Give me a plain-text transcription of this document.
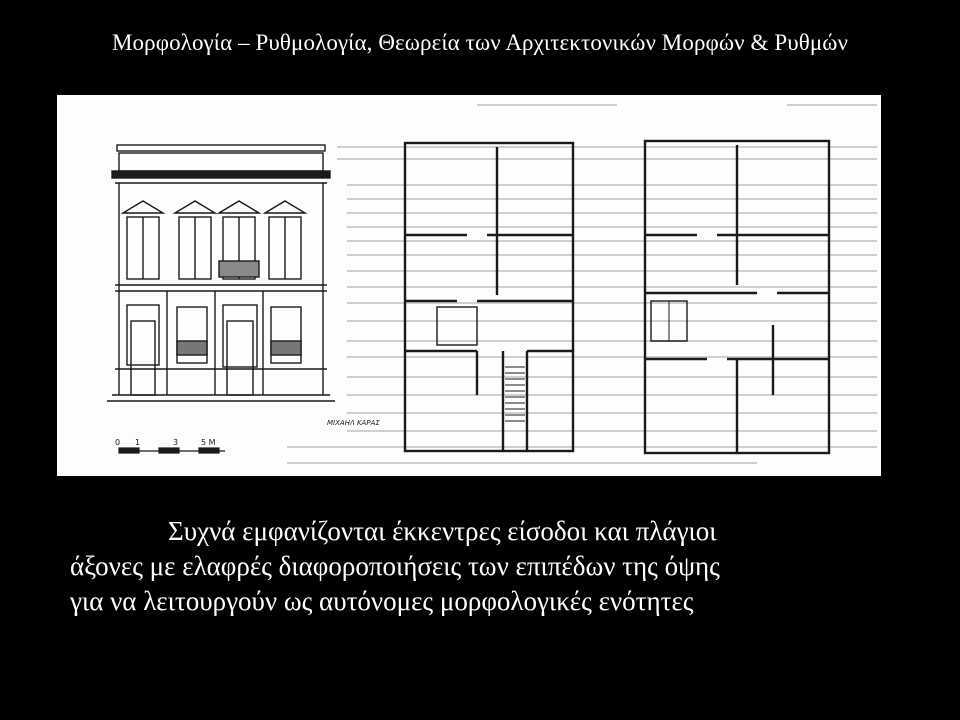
Μορφολογία – Ρυθμολογία, Θεωρεία των Αρχιτεκτονικών Μορφών & Ρυθμών
0 1	3	5 Μ
ΜΙΧΑΗΛ ΚΑΡΑΣ
Συχνά εμφανίζονται έκκεντρες είσοδοι και πλάγιοι
άξονες με ελαφρές διαφοροποιήσεις των επιπέδων της όψης
για να λειτουργούν ως αυτόνομες μορφολογικές ενότητες
